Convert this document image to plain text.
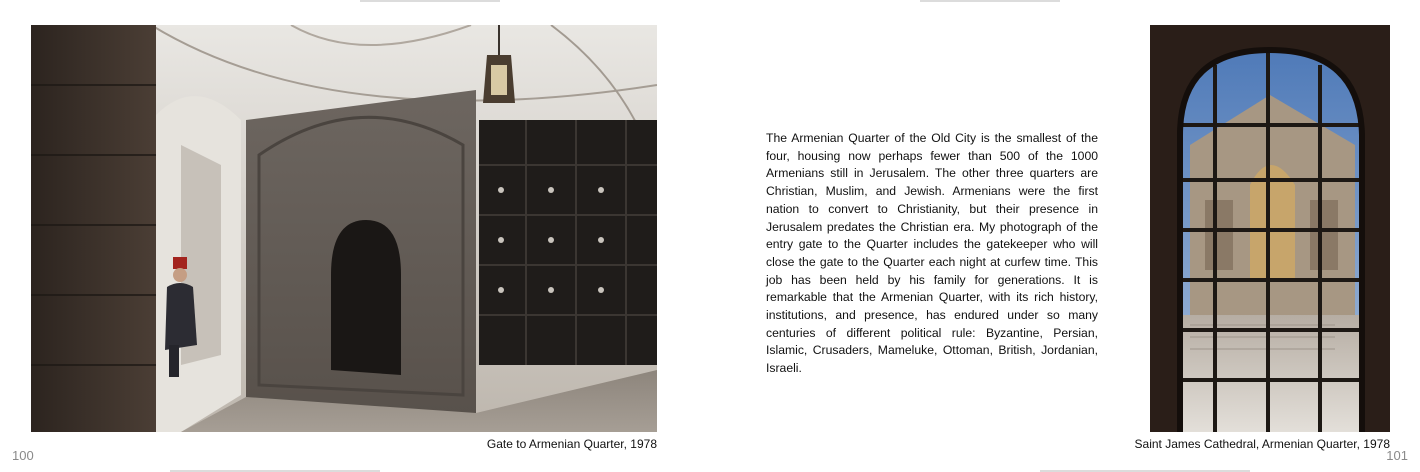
Gate to Armenian Quarter, 1978
100
The Armenian Quarter of the Old City is the smallest of the four, housing now perhaps fewer than 500 of the 1000 Armenians still in Jerusalem. The other three quarters are Christian, Muslim, and Jewish. Armenians were the first nation to convert to Christianity, but their presence in Jerusalem predates the Christian era. My photograph of the entry gate to the Quarter includes the gatekeeper who will close the gate to the Quarter each night at curfew time. This job has been held by his family for generations. It is remarkable that the Armenian Quarter, with its rich history, institutions, and presence, has endured under so many centuries of different political rule: Byzantine, Persian, Islamic, Crusaders, Mameluke, Ottoman, British, Jordanian, Israeli.
Saint James Cathedral, Armenian Quarter, 1978
101
